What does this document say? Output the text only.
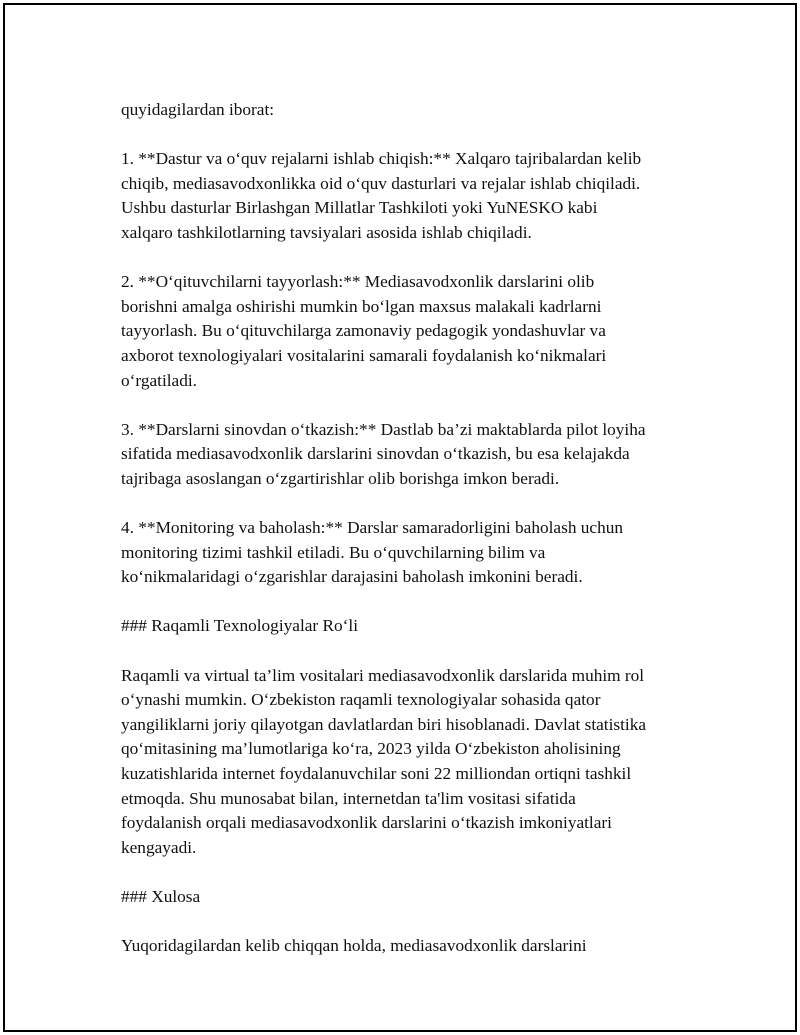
quyidagilardan iborat:

1. **Dastur va o‘quv rejalarni ishlab chiqish:** Xalqaro tajribalardan kelib
chiqib, mediasavodxonlikka oid o‘quv dasturlari va rejalar ishlab chiqiladi.
Ushbu dasturlar Birlashgan Millatlar Tashkiloti yoki YuNESKO kabi
xalqaro tashkilotlarning tavsiyalari asosida ishlab chiqiladi.

2. **O‘qituvchilarni tayyorlash:** Mediasavodxonlik darslarini olib
borishni amalga oshirishi mumkin bo‘lgan maxsus malakali kadrlarni
tayyorlash. Bu o‘qituvchilarga zamonaviy pedagogik yondashuvlar va
axborot texnologiyalari vositalarini samarali foydalanish ko‘nikmalari
o‘rgatiladi.

3. **Darslarni sinovdan o‘tkazish:** Dastlab ba’zi maktablarda pilot loyiha
sifatida mediasavodxonlik darslarini sinovdan o‘tkazish, bu esa kelajakda
tajribaga asoslangan o‘zgartirishlar olib borishga imkon beradi.

4. **Monitoring va baholash:** Darslar samaradorligini baholash uchun
monitoring tizimi tashkil etiladi. Bu o‘quvchilarning bilim va
ko‘nikmalaridagi o‘zgarishlar darajasini baholash imkonini beradi.

### Raqamli Texnologiyalar Ro‘li

Raqamli va virtual ta’lim vositalari mediasavodxonlik darslarida muhim rol
o‘ynashi mumkin. O‘zbekiston raqamli texnologiyalar sohasida qator
yangiliklarni joriy qilayotgan davlatlardan biri hisoblanadi. Davlat statistika
qo‘mitasining ma’lumotlariga ko‘ra, 2023 yilda O‘zbekiston aholisining
kuzatishlarida internet foydalanuvchilar soni 22 milliondan ortiqni tashkil
etmoqda. Shu munosabat bilan, internetdan ta'lim vositasi sifatida
foydalanish orqali mediasavodxonlik darslarini o‘tkazish imkoniyatlari
kengayadi.

### Xulosa

Yuqoridagilardan kelib chiqqan holda, mediasavodxonlik darslarini
